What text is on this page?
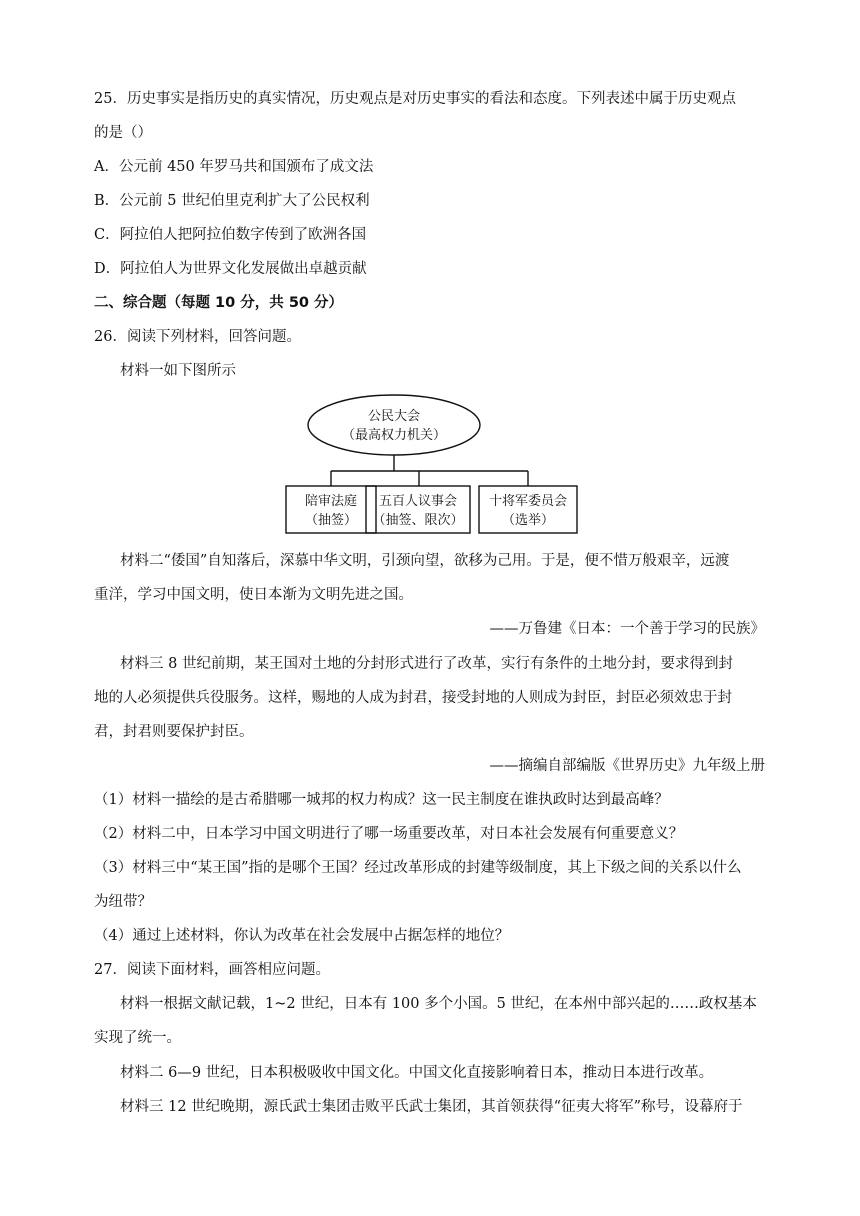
25．历史事实是指历史的真实情况，历史观点是对历史事实的看法和态度。下列表述中属于历史观点
的是（）
A．公元前 450 年罗马共和国颁布了成文法
B．公元前 5 世纪伯里克利扩大了公民权利
C．阿拉伯人把阿拉伯数字传到了欧洲各国
D．阿拉伯人为世界文化发展做出卓越贡献
二、综合题（每题 10 分，共 50 分）
26．阅读下列材料，回答问题。
材料一如下图所示
公民大会
（最高权力机关）
陪审法庭
（抽签）
五百人议事会
（抽签、限次）
十将军委员会
（选举）
材料二“倭国”自知落后，深慕中华文明，引颈向望，欲移为己用。于是，便不惜万般艰辛，远渡
重洋，学习中国文明，使日本渐为文明先进之国。
——万鲁建《日本：一个善于学习的民族》
材料三 8 世纪前期，某王国对土地的分封形式进行了改革，实行有条件的土地分封，要求得到封
地的人必须提供兵役服务。这样，赐地的人成为封君，接受封地的人则成为封臣，封臣必须效忠于封
君，封君则要保护封臣。
——摘编自部编版《世界历史》九年级上册
（1）材料一描绘的是古希腊哪一城邦的权力构成？这一民主制度在谁执政时达到最高峰？
（2）材料二中，日本学习中国文明进行了哪一场重要改革，对日本社会发展有何重要意义？
（3）材料三中“某王国”指的是哪个王国？经过改革形成的封建等级制度，其上下级之间的关系以什么
为纽带？
（4）通过上述材料，你认为改革在社会发展中占据怎样的地位？
27．阅读下面材料，画答相应问题。
材料一根据文献记载，1~2 世纪，日本有 100 多个小国。5 世纪，在本州中部兴起的……政权基本
实现了统一。
材料二 6—9 世纪，日本积极吸收中国文化。中国文化直接影响着日本，推动日本进行改革。
材料三 12 世纪晚期，源氏武士集团击败平氏武士集团，其首领获得“征夷大将军”称号，设幕府于
